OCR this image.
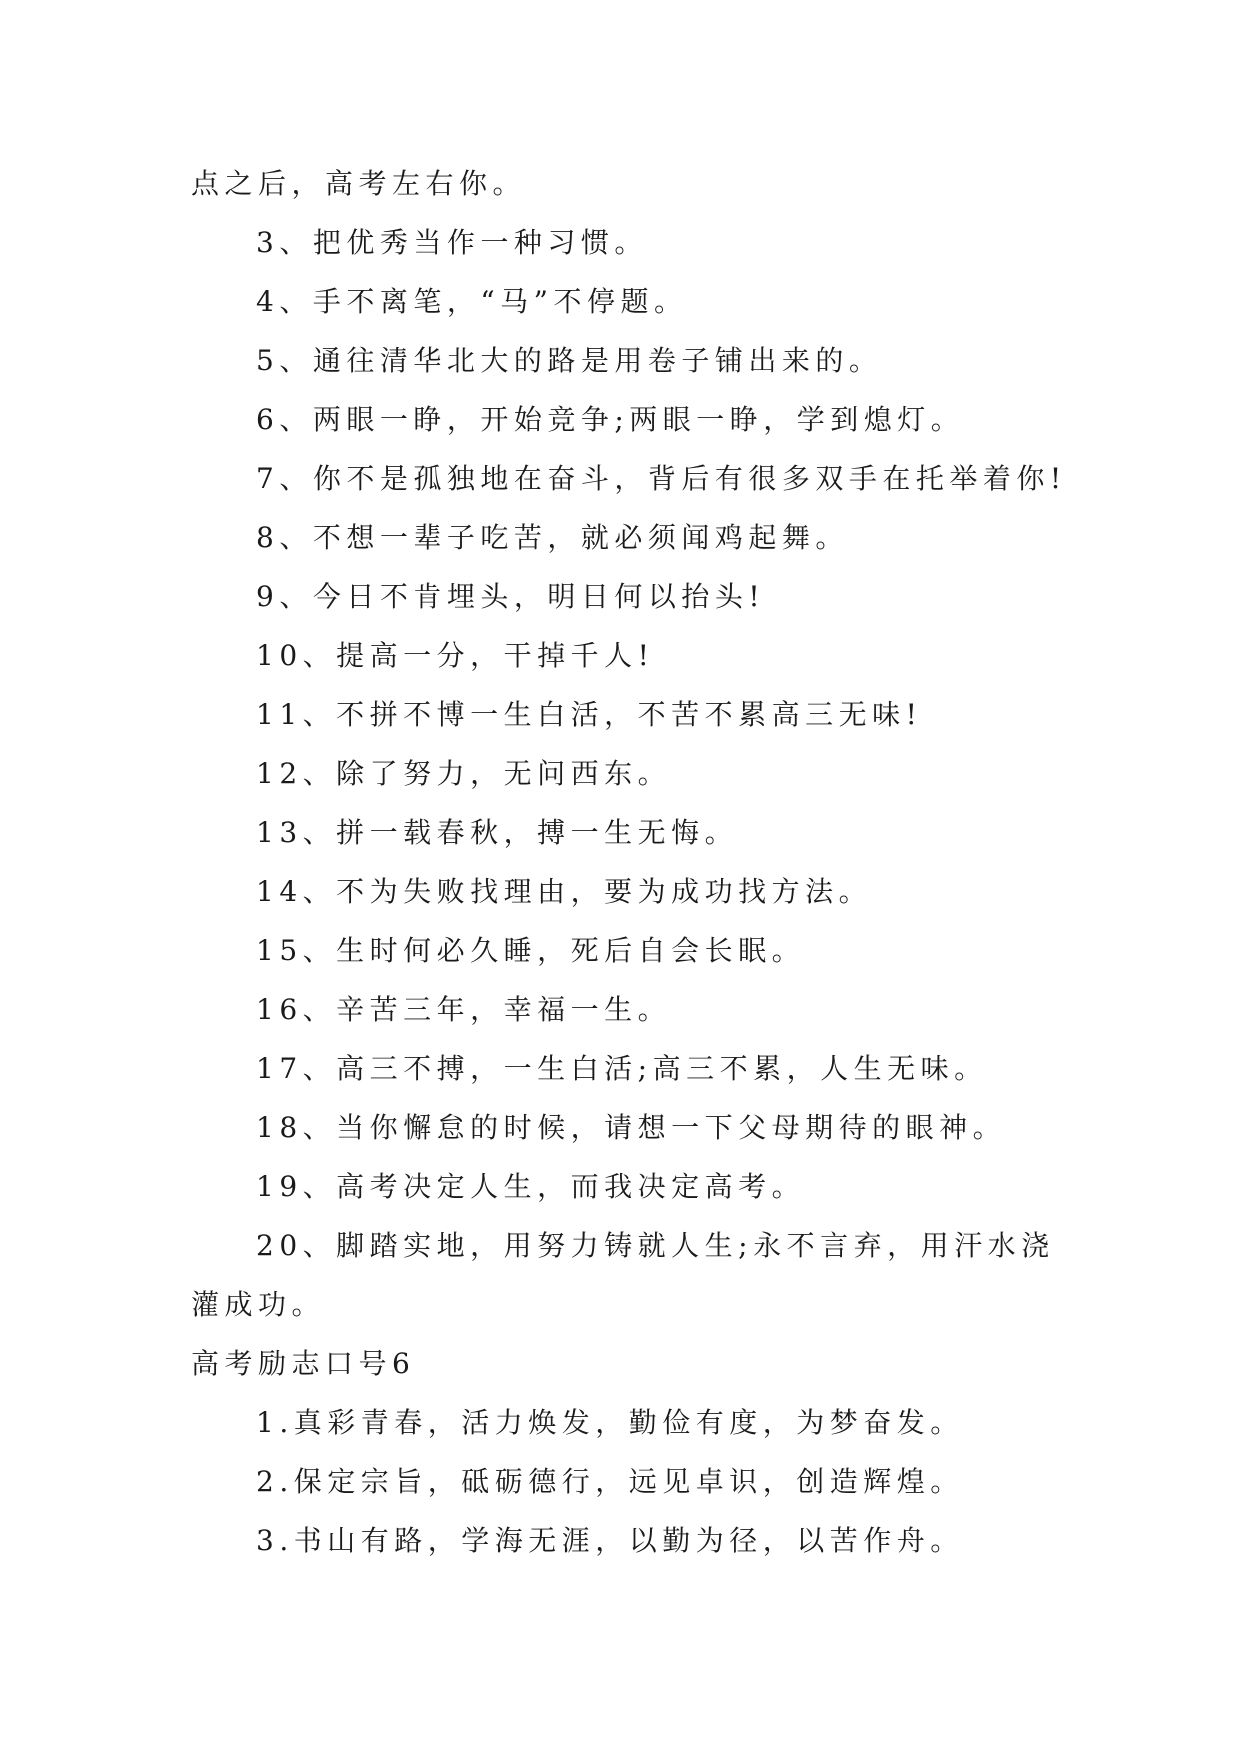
点之后，高考左右你。
3、把优秀当作一种习惯。
4、手不离笔，“马”不停题。
5、通往清华北大的路是用卷子铺出来的。
6、两眼一睁，开始竞争;两眼一睁，学到熄灯。
7、你不是孤独地在奋斗，背后有很多双手在托举着你!
8、不想一辈子吃苦，就必须闻鸡起舞。
9、今日不肯埋头，明日何以抬头!
10、提高一分，干掉千人!
11、不拼不博一生白活，不苦不累高三无味!
12、除了努力，无问西东。
13、拼一载春秋，搏一生无悔。
14、不为失败找理由，要为成功找方法。
15、生时何必久睡，死后自会长眠。
16、辛苦三年，幸福一生。
17、高三不搏，一生白活;高三不累，人生无味。
18、当你懈怠的时候，请想一下父母期待的眼神。
19、高考决定人生，而我决定高考。
20、脚踏实地，用努力铸就人生;永不言弃，用汗水浇
灌成功。
高考励志口号6
1.真彩青春，活力焕发，勤俭有度，为梦奋发。
2.保定宗旨，砥砺德行，远见卓识，创造辉煌。
3.书山有路，学海无涯，以勤为径，以苦作舟。
